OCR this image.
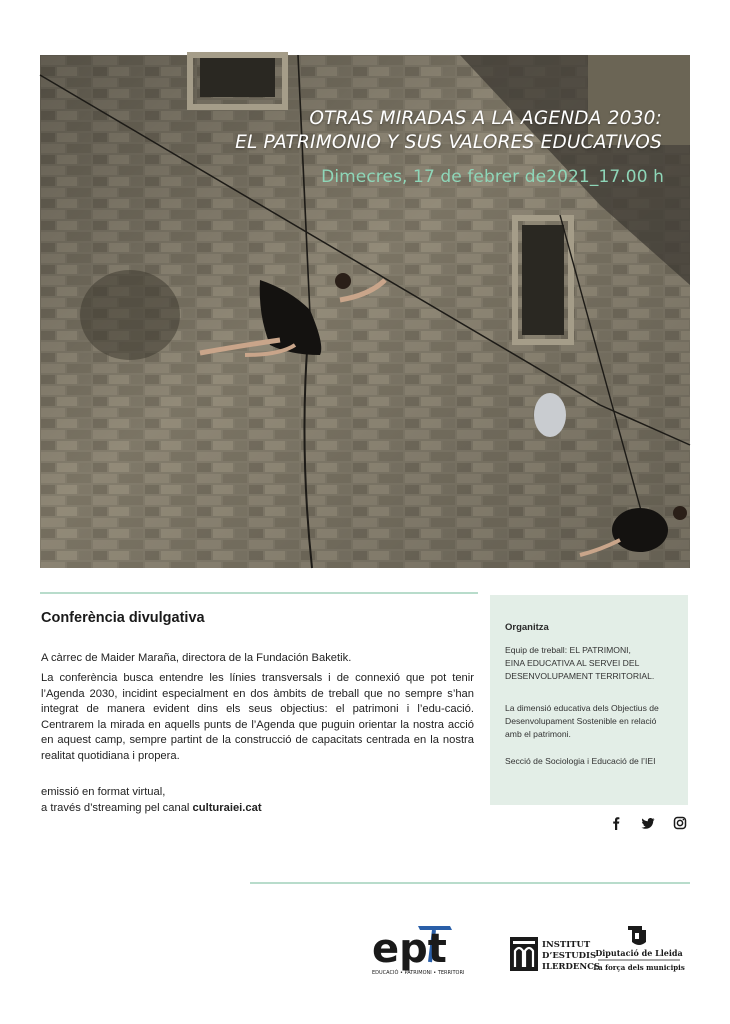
OTRAS MIRADAS A LA AGENDA 2030:
EL PATRIMONIO Y SUS VALORES EDUCATIVOS
Dimecres, 17 de febrer de2021_17.00 h
Conferència divulgativa
A càrrec de Maider Maraña, directora de la Fundación Baketik.
La conferència busca entendre les línies transversals i de connexió que pot tenir l’Agenda 2030, incidint especialment en dos àmbits de treball que no sempre s’han integrat de manera evident dins els seus objectius: el patrimoni i l’edu-cació. Centrarem la mirada en aquells punts de l’Agenda que puguin orientar la nostra acció en aquest camp, sempre partint de la construcció de capacitats centrada en la nostra realitat quotidiana i propera.
emissió en format virtual,
a través d’streaming pel canal culturaiei.cat
Organitza
Equip de treball: EL PATRIMONI,
EINA EDUCATIVA AL SERVEI DEL
DESENVOLUPAMENT TERRITORIAL.
La dimensió educativa dels Objectius de
Desenvolupament Sostenible en relació
amb el patrimoni.
Secció de Sociologia i Educació de l’IEI
ept
EDUCACIÓ • PATRIMONI • TERRITORI
INSTITUT
D’ESTUDIS
ILERDENCS
Diputació de Lleida
La força dels municipis
